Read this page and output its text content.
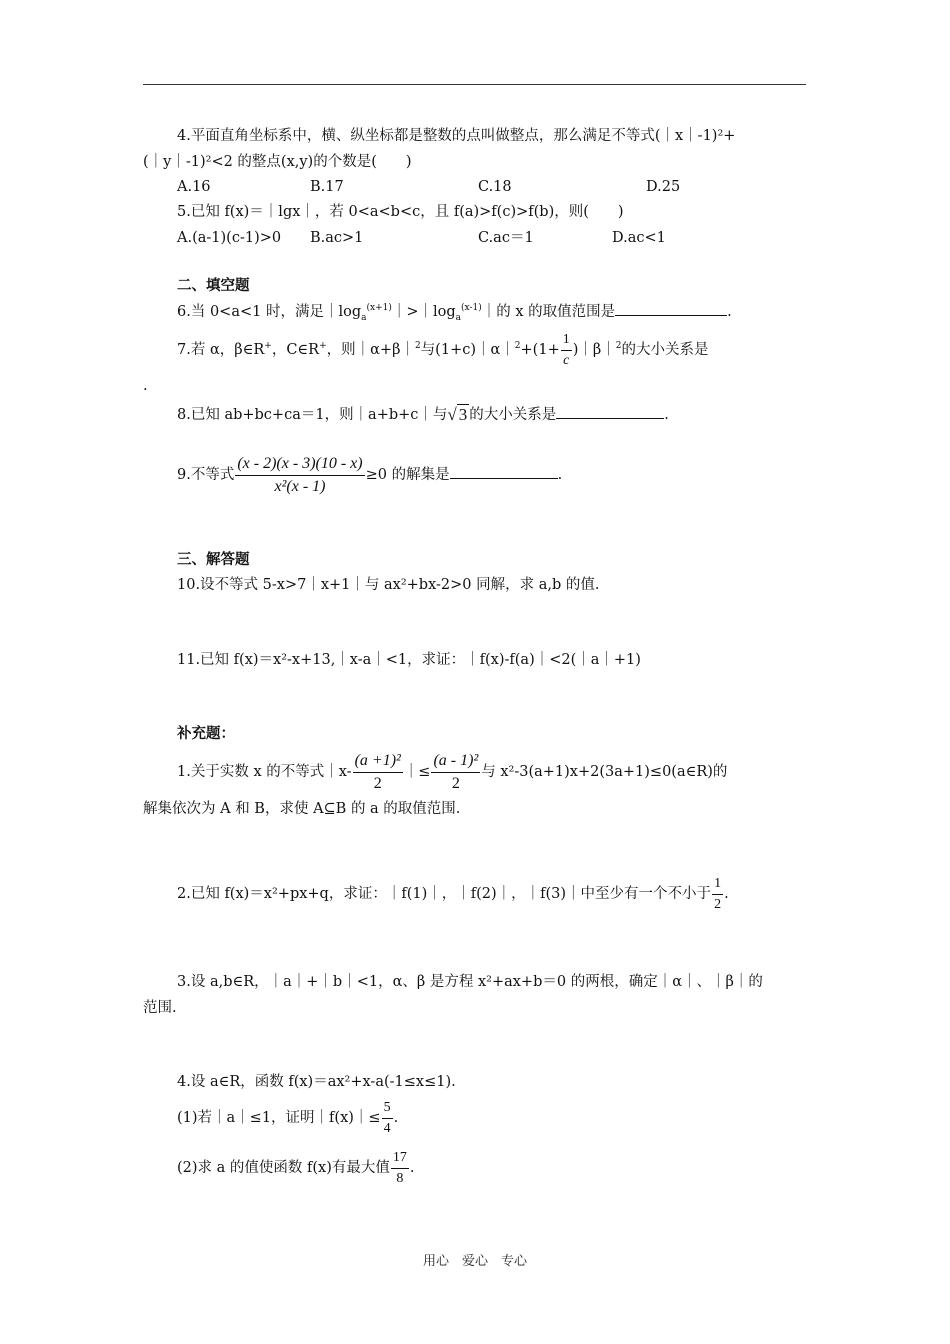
4.平面直角坐标系中，横、纵坐标都是整数的点叫做整点，那么满足不等式(｜x｜-1)²+
(｜y｜-1)²<2 的整点(x,y)的个数是(　　)
A.16	B.17	C.18	D.25
5.已知 f(x)＝｜lgx｜，若 0<a<b<c，且 f(a)>f(c)>f(b)，则(　　)
A.(a-1)(c-1)>0 B.ac>1	C.ac＝1	D.ac<1
二、填空题
6.当 0<a<1 时，满足$|\log_a^{(x+1)}|>|\log_a^{(x-1)}|$的 x 的取值范围是	.
7.若 α，β∈R+，C∈R+，则｜α+β｜$^2$与(1+c)｜α｜$^2$+(1+ $\frac{1}{c}$ )｜β｜$^2$的大小关系是
.
8.已知 ab+bc+ca＝1，则｜a+b+c｜与√ 3 的大小关系是	.
9.不等式 $\frac{(x - 2)(x - 3)(10 - x)}{\text{x²(x - 1)}} \ge 0$ 的解集是	.
三、解答题
10.设不等式 5-x>7｜x+1｜与 ax²+bx-2>0 同解，求 a,b 的值.
11.已知 f(x)＝x²-x+13,｜x-a｜<1，求证：｜f(x)-f(a)｜<2(｜a｜+1)
补充题：
1.关于实数 x 的不等式｜x- $\frac{\text{(a +1)²}}{2}$ ｜≤ $\frac{\text{(a - 1)²}}{2}$ 与 x²-3(a+1)x+2(3a+1)≤0(a∈R)的
解集依次为 A 和 B，求使 A⊆B 的 a 的取值范围.
2.已知 f(x)＝x²+px+q，求证：｜f(1)｜，｜f(2)｜，｜f(3)｜中至少有一个不小于 $\frac{1}{2}$ .
3.设 a,b∈R，｜a｜+｜b｜<1，α、β 是方程 x²+ax+b＝0 的两根，确定｜α｜、｜β｜的
范围.
4.设 a∈R，函数 f(x)＝ax²+x-a(-1≤x≤1).
(1)若｜a｜≤1，证明｜f(x)｜≤ $\frac{5}{4}$ .
(2)求 a 的值使函数 f(x)有最大值 $\frac{17}{8}$ .
用心　爱心　专心
